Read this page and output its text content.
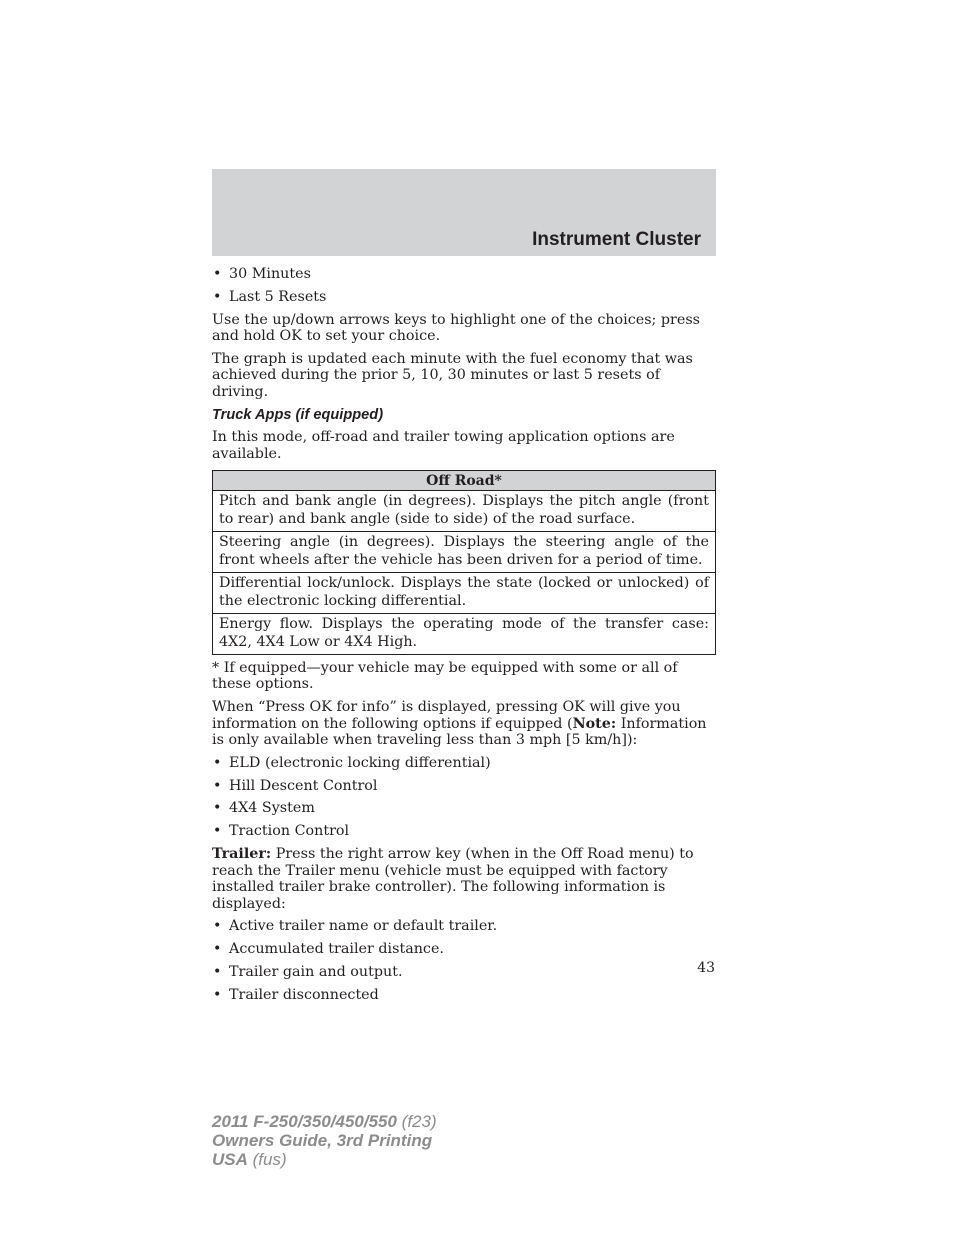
Instrument Cluster
• 30 Minutes
• Last 5 Resets

Use the up/down arrows keys to highlight one of the choices; press and hold OK to set your choice.

The graph is updated each minute with the fuel economy that was achieved during the prior 5, 10, 30 minutes or last 5 resets of driving.

Truck Apps (if equipped)

In this mode, off-road and trailer towing application options are available.

Off Road*
Pitch and bank angle (in degrees). Displays the pitch angle (front to rear) and bank angle (side to side) of the road surface.
Steering angle (in degrees). Displays the steering angle of the front wheels after the vehicle has been driven for a period of time.
Differential lock/unlock. Displays the state (locked or unlocked) of the electronic locking differential.
Energy flow. Displays the operating mode of the transfer case: 4X2, 4X4 Low or 4X4 High.

* If equipped—your vehicle may be equipped with some or all of these options.

When “Press OK for info” is displayed, pressing OK will give you information on the following options if equipped (Note: Information is only available when traveling less than 3 mph [5 km/h]):

• ELD (electronic locking differential)
• Hill Descent Control
• 4X4 System
• Traction Control

Trailer: Press the right arrow key (when in the Off Road menu) to reach the Trailer menu (vehicle must be equipped with factory installed trailer brake controller). The following information is displayed:

• Active trailer name or default trailer.
• Accumulated trailer distance.
• Trailer gain and output.
• Trailer disconnected
43
2011 F-250/350/450/550 (f23)
Owners Guide, 3rd Printing
USA (fus)
